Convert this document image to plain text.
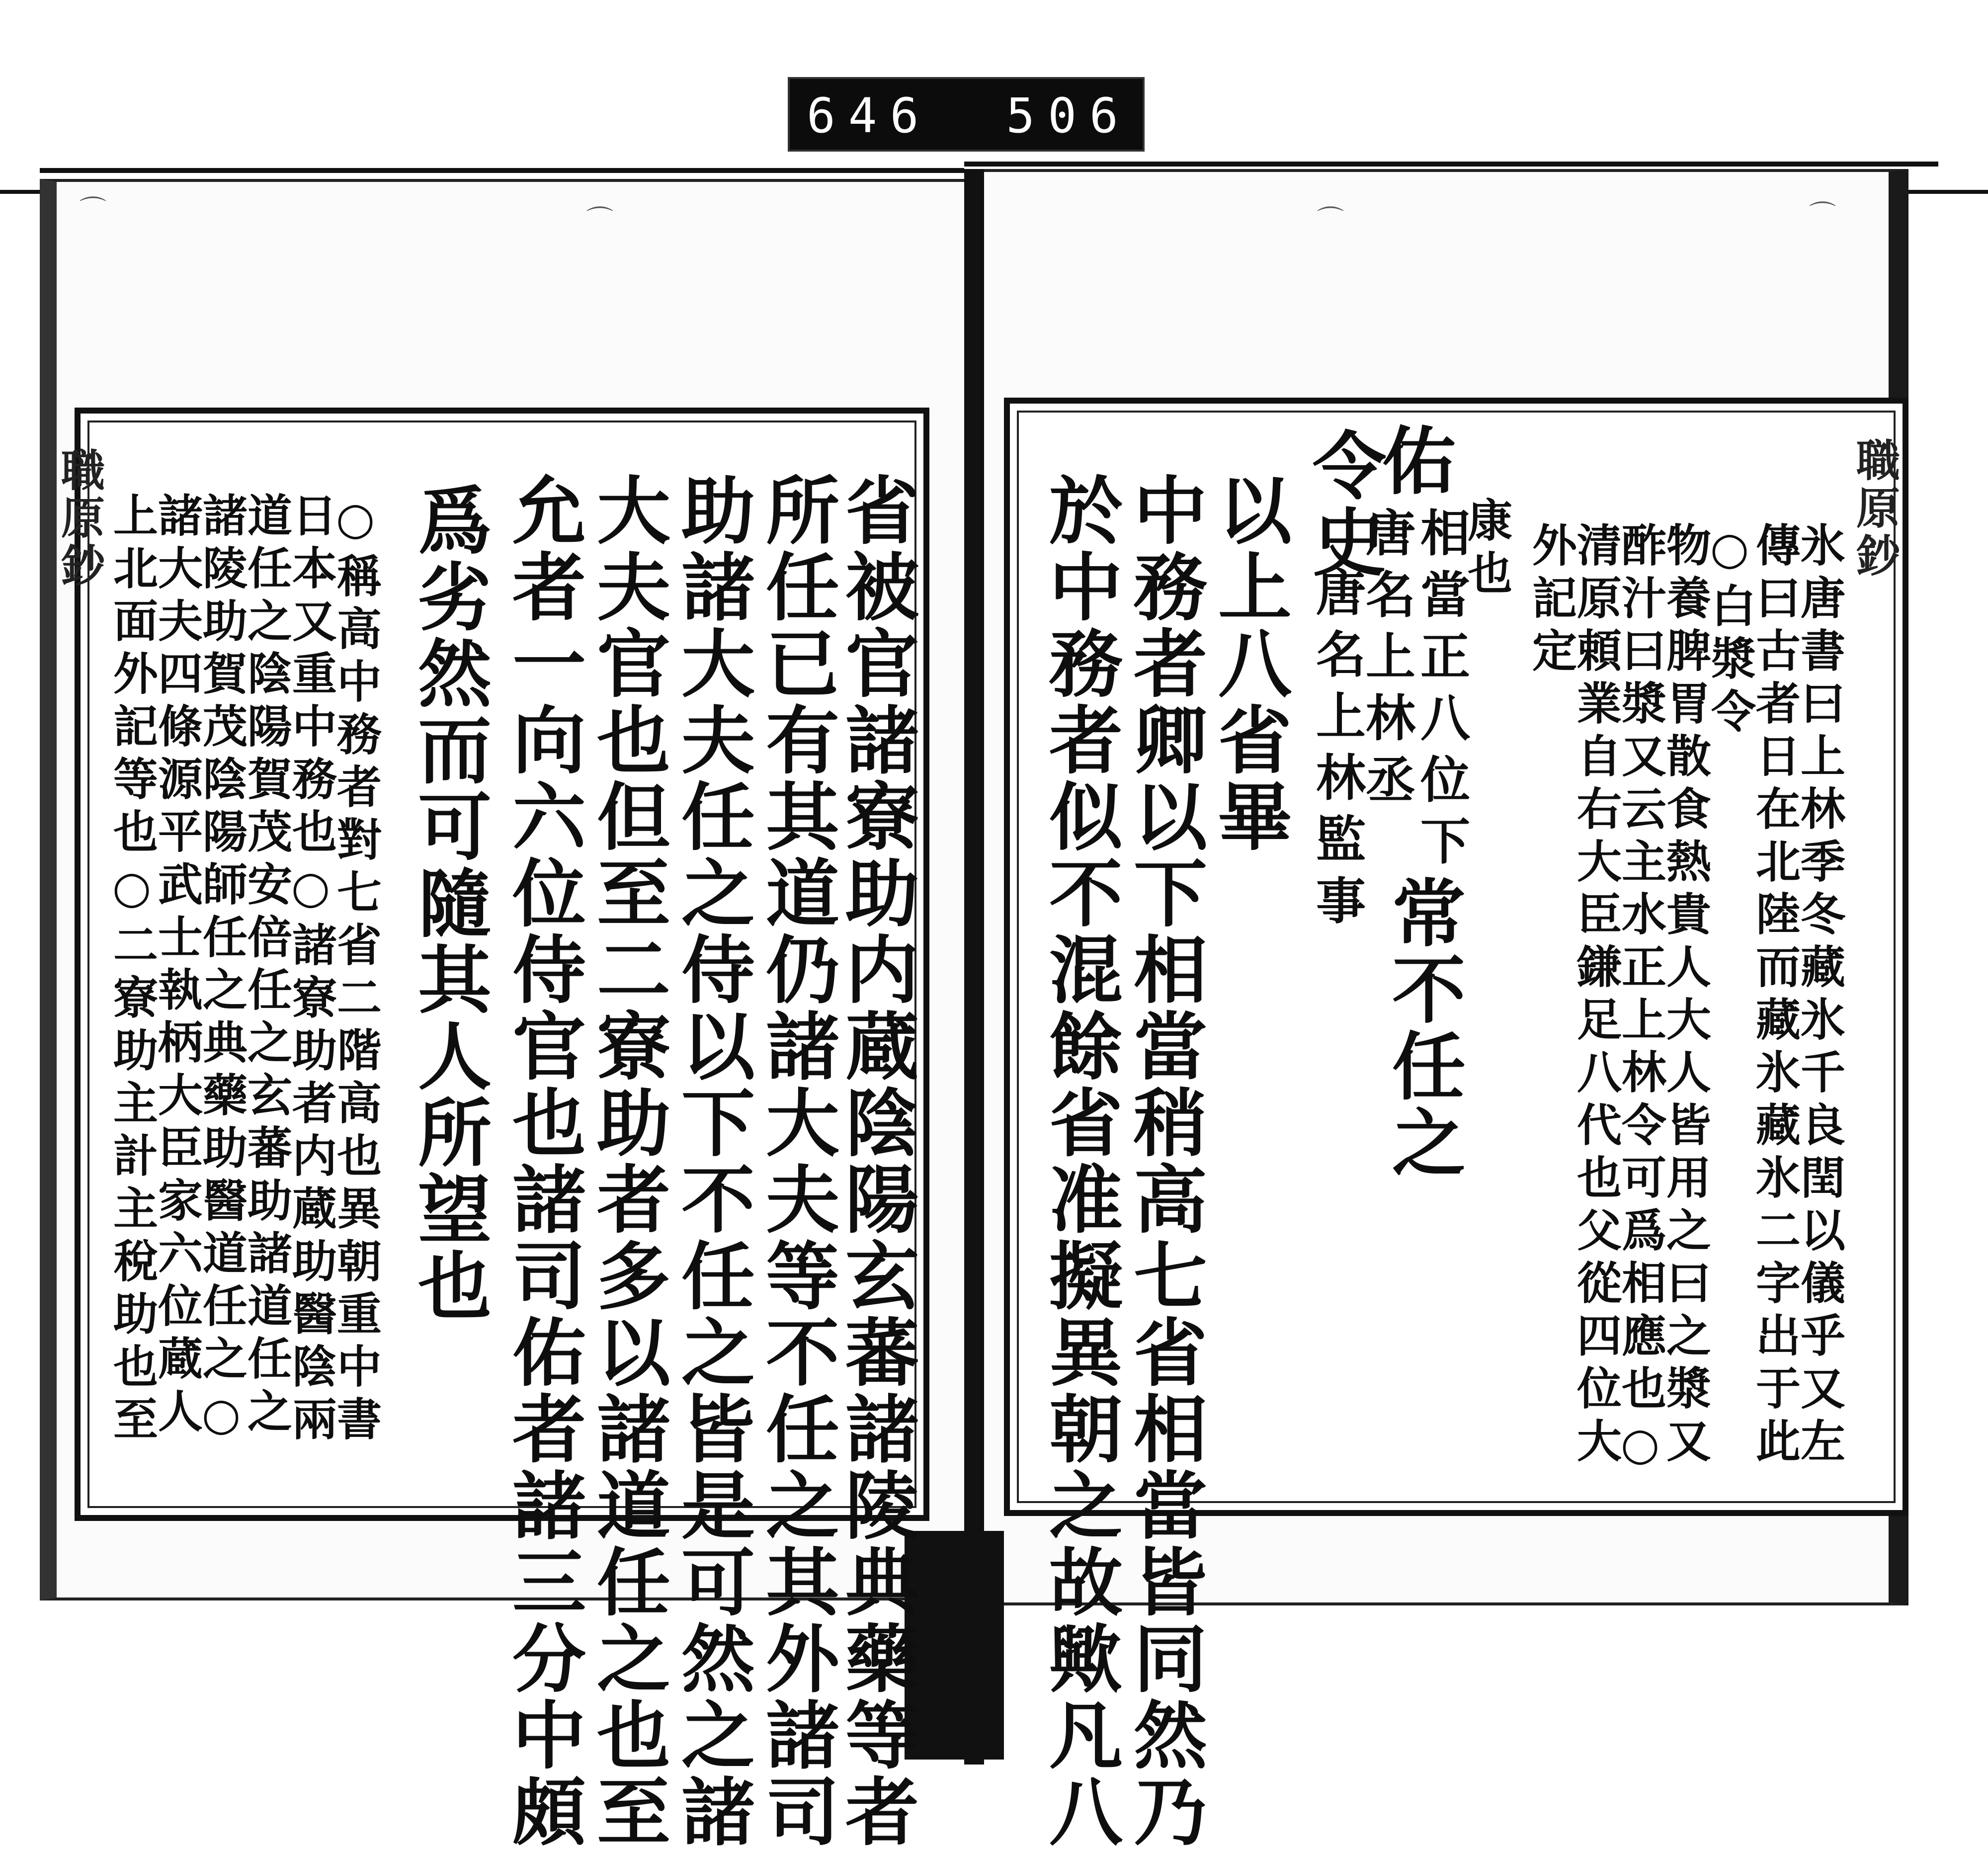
646 506
⌒	⌒	⌒	⌒
職原鈔	職原鈔
氷唐書曰上林季冬藏氷千良閏以儀乎又左
傳曰古者日在北陸而藏氷藏氷二字出于此
○白漿令
物養脾胃散食熱貴人大人皆用之曰之漿又
酢汁曰漿又云主水正上林令可爲相應也○
清原頼業自右大臣鎌足八代也父從四位大
外記定
康也
相當正八位下
佑
唐名上林丞
常不任之
令史
唐名上林監事
以上八省畢
中務者卿以下相當稍高七省相當皆同然乃
於中務者似不混餘省准擬異朝之故歟凡八
省被官諸寮助内蔵陰陽玄蕃諸陵典藥等者
所任已有其道仍諸大夫等不任之其外諸司
助諸大夫任之侍以下不任之皆是可然之諸
大夫官也但至二寮助者多以諸道任之也至
允者一向六位侍官也諸司佑者諸三分中頗
爲劣然而可隨其人所望也
○稱高中務者對七省二階高也異朝重中書
日本又重中務也○諸寮助者内蔵助醫陰兩
道任之陰陽賀茂安倍任之玄蕃助諸道任之
諸陵助賀茂陰陽師任之典藥助醫道任之○
諸大夫四條源平武士執柄大臣家六位蔵人
上北面外記等也○二寮助主計主稅助也至
